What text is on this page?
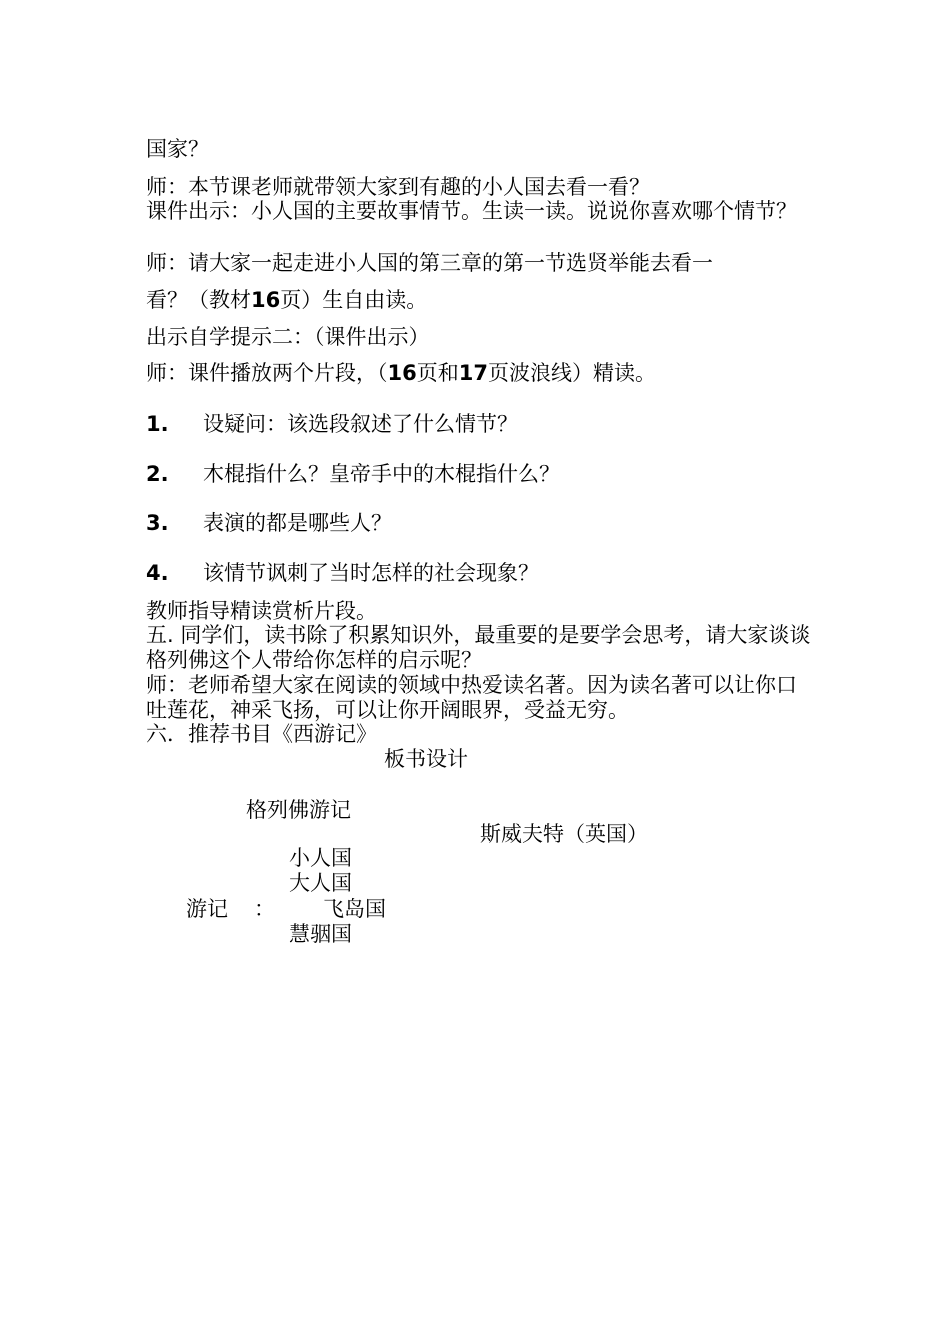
国家？
师：本节课老师就带领大家到有趣的小人国去看一看？
课件出示：小人国的主要故事情节。生读一读。说说你喜欢哪个情节？
师：请大家一起走进小人国的第三章的第一节选贤举能去看一
看？（教材16页）生自由读。
出示自学提示二：（课件出示）
师：课件播放两个片段，（16页和17页波浪线）精读。
1. 设疑问：该选段叙述了什么情节？
2. 木棍指什么？皇帝手中的木棍指什么？
3. 表演的都是哪些人？
4. 该情节讽刺了当时怎样的社会现象？
教师指导精读赏析片段。
五. 同学们，读书除了积累知识外，最重要的是要学会思考，请大家谈谈格列佛这个人带给你怎样的启示呢？
师：老师希望大家在阅读的领域中热爱读名著。因为读名著可以让你口吐莲花，神采飞扬，可以让你开阔眼界，受益无穷。
六．推荐书目《西游记》
板书设计
格列佛游记
斯威夫特（英国）
小人国
大人国
游记 ： 飞岛国
慧骃国
